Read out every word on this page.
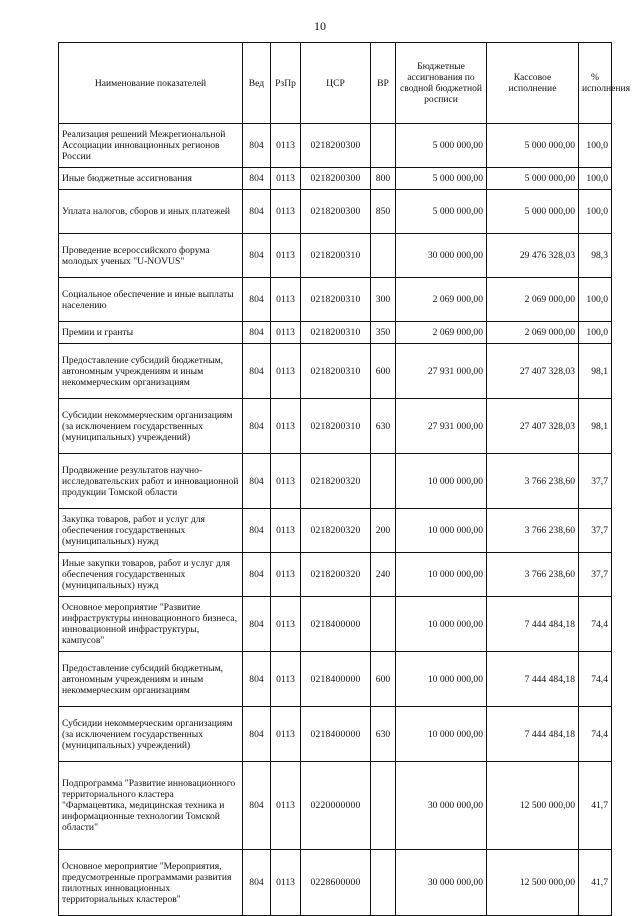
10
Наименование показателей	Вед	РзПр	ЦСР	ВР	Бюджетные ассигнования по сводной бюджетной росписи	Кассовое исполнение	% исполнения
Реализация решений Межрегиональной Ассоциации инновационных регионов России	804	0113	0218200300		5 000 000,00	5 000 000,00	100,0
Иные бюджетные ассигнования	804	0113	0218200300	800	5 000 000,00	5 000 000,00	100,0
Уплата налогов, сборов и иных платежей	804	0113	0218200300	850	5 000 000,00	5 000 000,00	100,0
Проведение всероссийского форума молодых ученых "U-NOVUS"	804	0113	0218200310		30 000 000,00	29 476 328,03	98,3
Социальное обеспечение и иные выплаты населению	804	0113	0218200310	300	2 069 000,00	2 069 000,00	100,0
Премии и гранты	804	0113	0218200310	350	2 069 000,00	2 069 000,00	100,0
Предоставление субсидий бюджетным, автономным учреждениям и иным некоммерческим организациям	804	0113	0218200310	600	27 931 000,00	27 407 328,03	98,1
Субсидии некоммерческим организациям (за исключением государственных (муниципальных) учреждений)	804	0113	0218200310	630	27 931 000,00	27 407 328,03	98,1
Продвижение результатов научно-исследовательских работ и инновационной продукции Томской области	804	0113	0218200320		10 000 000,00	3 766 238,60	37,7
Закупка товаров, работ и услуг для обеспечения государственных (муниципальных) нужд	804	0113	0218200320	200	10 000 000,00	3 766 238,60	37,7
Иные закупки товаров, работ и услуг для обеспечения государственных (муниципальных) нужд	804	0113	0218200320	240	10 000 000,00	3 766 238,60	37,7
Основное мероприятие "Развитие инфраструктуры инновационного бизнеса, инновационной инфраструктуры, кампусов"	804	0113	0218400000		10 000 000,00	7 444 484,18	74,4
Предоставление субсидий бюджетным, автономным учреждениям и иным некоммерческим организациям	804	0113	0218400000	600	10 000 000,00	7 444 484,18	74,4
Субсидии некоммерческим организациям (за исключением государственных (муниципальных) учреждений)	804	0113	0218400000	630	10 000 000,00	7 444 484,18	74,4
Подпрограмма "Развитие инновационного территориального кластера "Фармацевтика, медицинская техника и информационные технологии Томской области"	804	0113	0220000000		30 000 000,00	12 500 000,00	41,7
Основное мероприятие "Мероприятия, предусмотренные программами развития пилотных инновационных территориальных кластеров"	804	0113	0228600000		30 000 000,00	12 500 000,00	41,7
